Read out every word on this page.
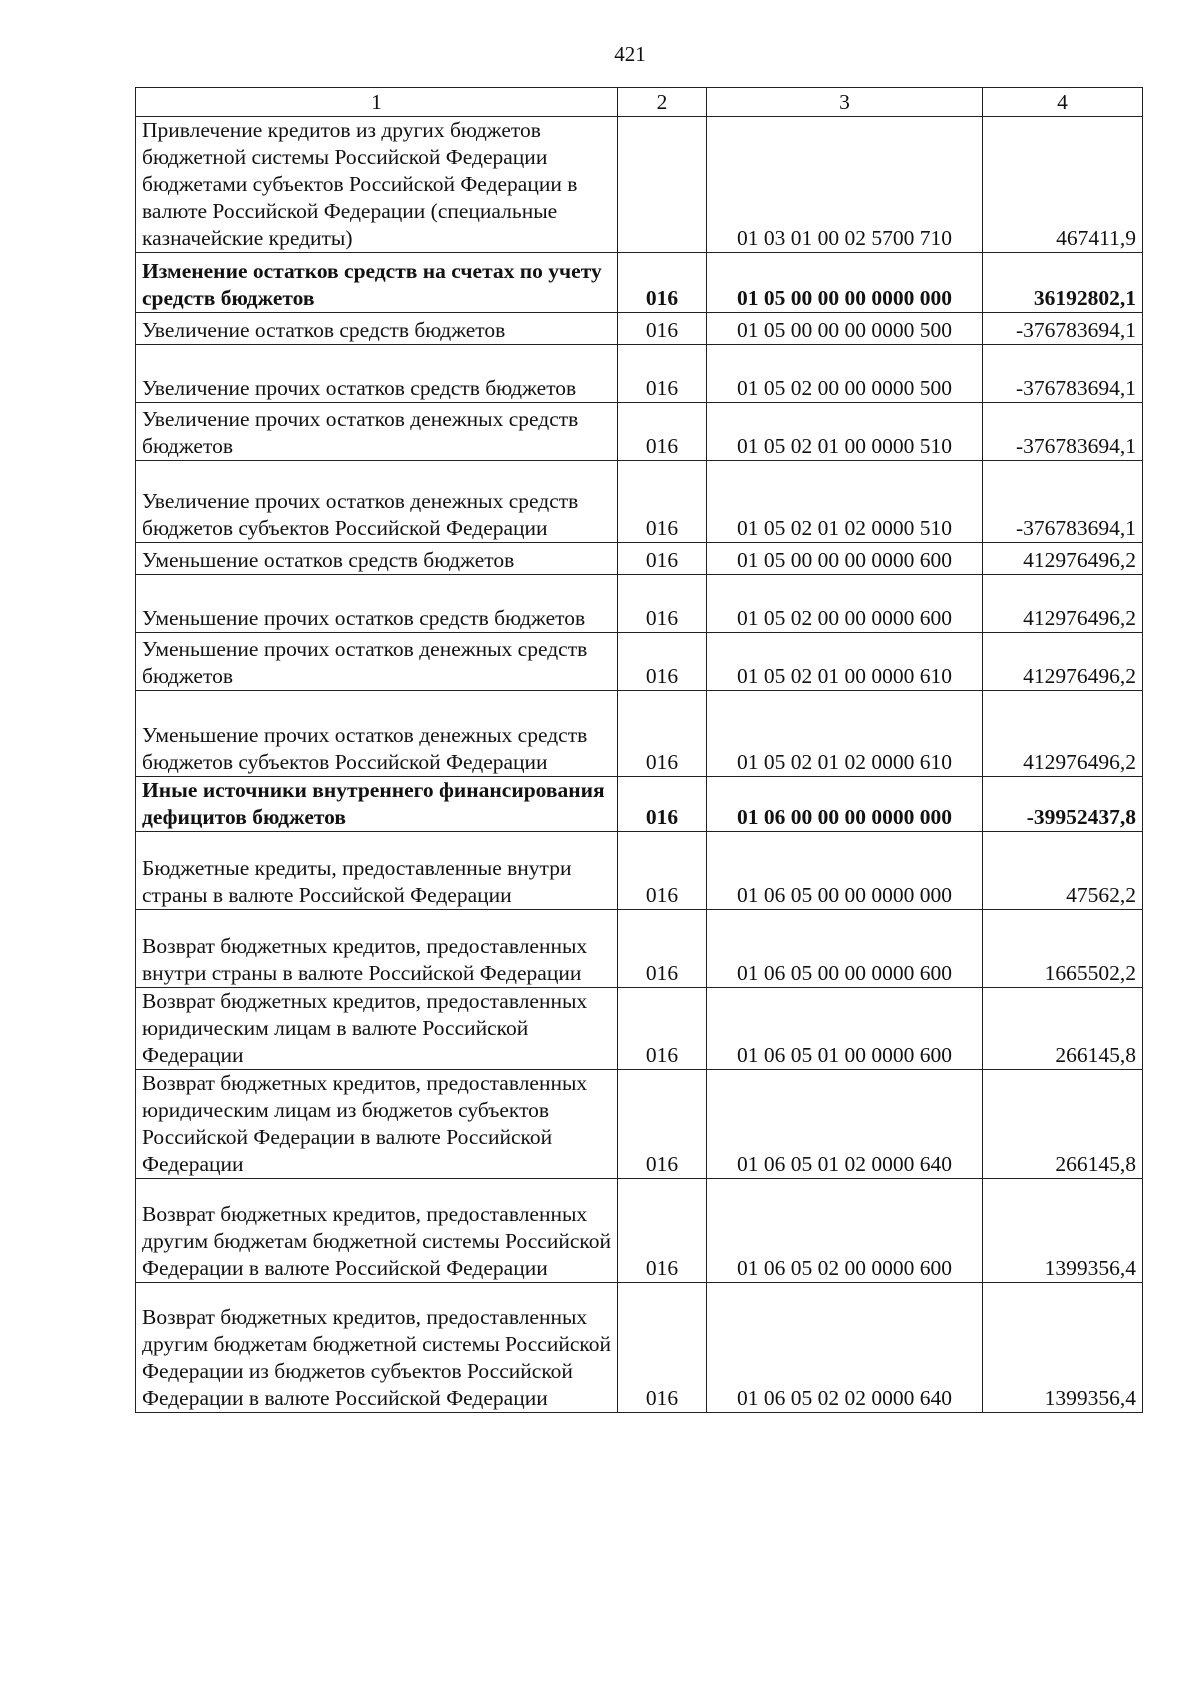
421
1	2	3	4
Привлечение кредитов из других бюджетов бюджетной системы Российской Федерации бюджетами субъектов Российской Федерации в валюте Российской Федерации (специальные казначейские кредиты)		01 03 01 00 02 5700 710	467411,9
Изменение остатков средств на счетах по учету средств бюджетов	016	01 05 00 00 00 0000 000	36192802,1
Увеличение остатков средств бюджетов	016	01 05 00 00 00 0000 500	-376783694,1
Увеличение прочих остатков средств бюджетов	016	01 05 02 00 00 0000 500	-376783694,1
Увеличение прочих остатков денежных средств бюджетов	016	01 05 02 01 00 0000 510	-376783694,1
Увеличение прочих остатков денежных средств бюджетов субъектов Российской Федерации	016	01 05 02 01 02 0000 510	-376783694,1
Уменьшение остатков средств бюджетов	016	01 05 00 00 00 0000 600	412976496,2
Уменьшение прочих остатков средств бюджетов	016	01 05 02 00 00 0000 600	412976496,2
Уменьшение прочих остатков денежных средств бюджетов	016	01 05 02 01 00 0000 610	412976496,2
Уменьшение прочих остатков денежных средств бюджетов субъектов Российской Федерации	016	01 05 02 01 02 0000 610	412976496,2
Иные источники внутреннего финансирования дефицитов бюджетов	016	01 06 00 00 00 0000 000	-39952437,8
Бюджетные кредиты, предоставленные внутри страны в валюте Российской Федерации	016	01 06 05 00 00 0000 000	47562,2
Возврат бюджетных кредитов, предоставленных внутри страны в валюте Российской Федерации	016	01 06 05 00 00 0000 600	1665502,2
Возврат бюджетных кредитов, предоставленных юридическим лицам в валюте Российской Федерации	016	01 06 05 01 00 0000 600	266145,8
Возврат бюджетных кредитов, предоставленных юридическим лицам из бюджетов субъектов Российской Федерации в валюте Российской Федерации	016	01 06 05 01 02 0000 640	266145,8
Возврат бюджетных кредитов, предоставленных другим бюджетам бюджетной системы Российской Федерации в валюте Российской Федерации	016	01 06 05 02 00 0000 600	1399356,4
Возврат бюджетных кредитов, предоставленных другим бюджетам бюджетной системы Российской Федерации из бюджетов субъектов Российской Федерации в валюте Российской Федерации	016	01 06 05 02 02 0000 640	1399356,4
